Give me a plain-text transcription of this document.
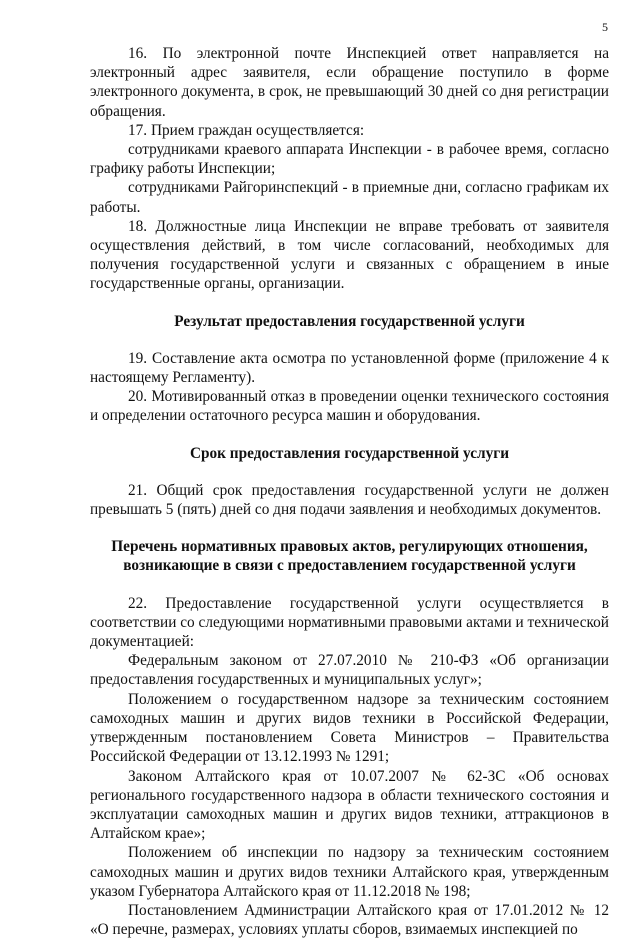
5

16. По электронной почте Инспекцией ответ направляется на электронный адрес заявителя, если обращение поступило в форме электронного документа, в срок, не превышающий 30 дней со дня регистрации обращения.

17. Прием граждан осуществляется:

сотрудниками краевого аппарата Инспекции - в рабочее время, согласно графику работы Инспекции;

сотрудниками Райгоринспекций - в приемные дни, согласно графикам их работы.

18. Должностные лица Инспекции не вправе требовать от заявителя осуществления действий, в том числе согласований, необходимых для получения государственной услуги и связанных с обращением в иные государственные органы, организации.

Результат предоставления государственной услуги

19. Составление акта осмотра по установленной форме (приложение 4 к настоящему Регламенту).

20. Мотивированный отказ в проведении оценки технического состояния и определении остаточного ресурса машин и оборудования.

Срок предоставления государственной услуги

21. Общий срок предоставления государственной услуги не должен превышать 5 (пять) дней со дня подачи заявления и необходимых документов.

Перечень нормативных правовых актов, регулирующих отношения, возникающие в связи с предоставлением государственной услуги

22. Предоставление государственной услуги осуществляется в соответствии со следующими нормативными правовыми актами и технической документацией:

Федеральным законом от 27.07.2010 № 210-ФЗ «Об организации предоставления государственных и муниципальных услуг»;

Положением о государственном надзоре за техническим состоянием самоходных машин и других видов техники в Российской Федерации, утвержденным постановлением Совета Министров – Правительства Российской Федерации от 13.12.1993 № 1291;

Законом Алтайского края от 10.07.2007 № 62-ЗС «Об основах регионального государственного надзора в области технического состояния и эксплуатации самоходных машин и других видов техники, аттракционов в Алтайском крае»;

Положением об инспекции по надзору за техническим состоянием самоходных машин и других видов техники Алтайского края, утвержденным указом Губернатора Алтайского края от 11.12.2018 № 198;

Постановлением Администрации Алтайского края от 17.01.2012 № 12 «О перечне, размерах, условиях уплаты сборов, взимаемых инспекцией по
